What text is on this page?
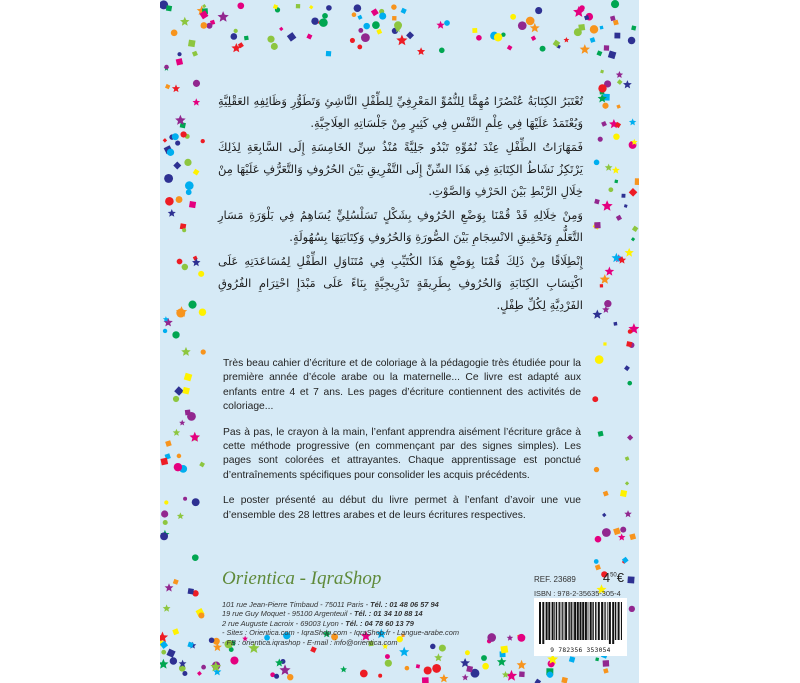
تُعْتَبَرُ الكِتَابَةُ عُنْصُرًا مُهِمًّا لِلنُّمُوِّ المَعْرِفِيِّ لِلطِّفْلِ النَّاشِئِ وَتَطَوُّرِ وَظَائِفِهِ العَقْلِيَّةِ وَيُعْتَمَدُ عَلَيْهَا فِي عِلْمِ النَّفْسِ فِي كَثِيرٍ مِنْ جَلْسَاتِهِ العِلَاجِيَّةِ.

فَمَهَارَاتُ الطِّفْلِ عِنْدَ نُمُوِّهِ تَبْدُو جَلِيَّةً مُنْذُ سِنِّ الخَامِسَةِ إِلَى السَّابِعَةِ لِذَلِكَ يَرْتَكِزُ نَشَاطُ الكِتَابَةِ فِي هَذَا السِّنِّ إِلَى التَّفْرِيقِ بَيْنَ الحُرُوفِ وَالتَّعَرُّفِ عَلَيْهَا مِنْ خِلَالِ الرَّبْطِ بَيْنَ الحَرْفِ وَالصَّوْتِ.

وَمِنْ خِلَالِهِ قَدْ قُمْنَا بِوَضْعِ الحُرُوفِ بِشَكْلٍ تَسَلْسُلِيٍّ يُسَاهِمُ فِي بَلْوَرَةِ مَسَارِ التَّعَلُّمِ وَتَحْقِيقِ الانْسِجَامِ بَيْنَ الصُّورَةِ وَالحُرُوفِ وَكِتَابَتِهَا بِسُهُولَةٍ.

إِنْطِلَاقًا مِنْ ذَلِكَ قُمْنَا بِوَضْعِ هَذَا الكُتَيِّبِ فِي مُتَنَاوَلِ الطِّفْلِ لِمُسَاعَدَتِهِ عَلَى اكْتِسَابِ الكِتَابَةِ وَالحُرُوفِ بِطَرِيقَةٍ تَدْرِيجِيَّةٍ بِنَاءً عَلَى مَبْدَإِ احْتِرَامِ الفُرُوقِ الفَرْدِيَّةِ لِكُلِّ طِفْلٍ.

Très beau cahier d’écriture et de coloriage à la pédagogie très étudiée pour la première année d’école arabe ou la maternelle... Ce livre est adapté aux enfants entre 4 et 7 ans. Les pages d’écriture contiennent des activités de coloriage...

Pas à pas, le crayon à la main, l’enfant apprendra aisément l’écriture grâce à cette méthode progressive (en commençant par des signes simples). Les pages sont colorées et attrayantes. Chaque apprentissage est ponctué d’entraînements spécifiques pour consolider les acquis précédents.

Le poster présenté au début du livre permet à l’enfant d’avoir une vue d’ensemble des 28 lettres arabes et de leurs écritures respectives.

Orientica - IqraShop
101 rue Jean-Pierre Timbaud - 75011 Paris - Tél. : 01 48 06 57 94
19 rue Guy Moquet - 95100 Argenteuil - Tél. : 01 34 10 88 14
2 rue Auguste Lacroix - 69003 Lyon - Tél. : 04 78 60 13 79
- Sites : Orientica.com - IqraShop.com - IqraShop.fr - Langue-arabe.com
- FB : orientica.iqrashop - E-mail : info@orientica.com
REF. 23689 $4^{50}€$
ISBN : 978-2-35635-305-4
9 782356 353054
